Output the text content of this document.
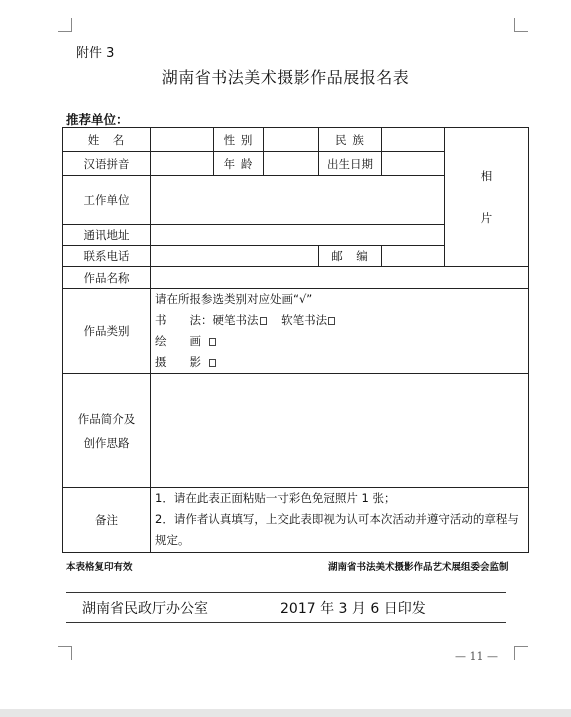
附件 3
湖南省书法美术摄影作品展报名表
推荐单位：
姓　名		性 别		民 族		相
片

汉语拼音		年 龄		出生日期		
工作单位						
通讯地址						
联系电话				邮　编		
作品名称						
作品类别	请在所报参选类别对应处画“√”
书　　法：硬笔书法 软笔书法
绘　　画
摄　　影					

作品简介及
创作思路						

备注	1．请在此表正面粘贴一寸彩色免冠照片 1 张；
2．请作者认真填写，上交此表即视为认可本次活动并遵守活动的章程与
规定。					
本表格复印有效	湖南省书法美术摄影作品艺术展组委会监制
湖南省民政厅办公室	2017 年 3 月 6 日印发
— 11 —
